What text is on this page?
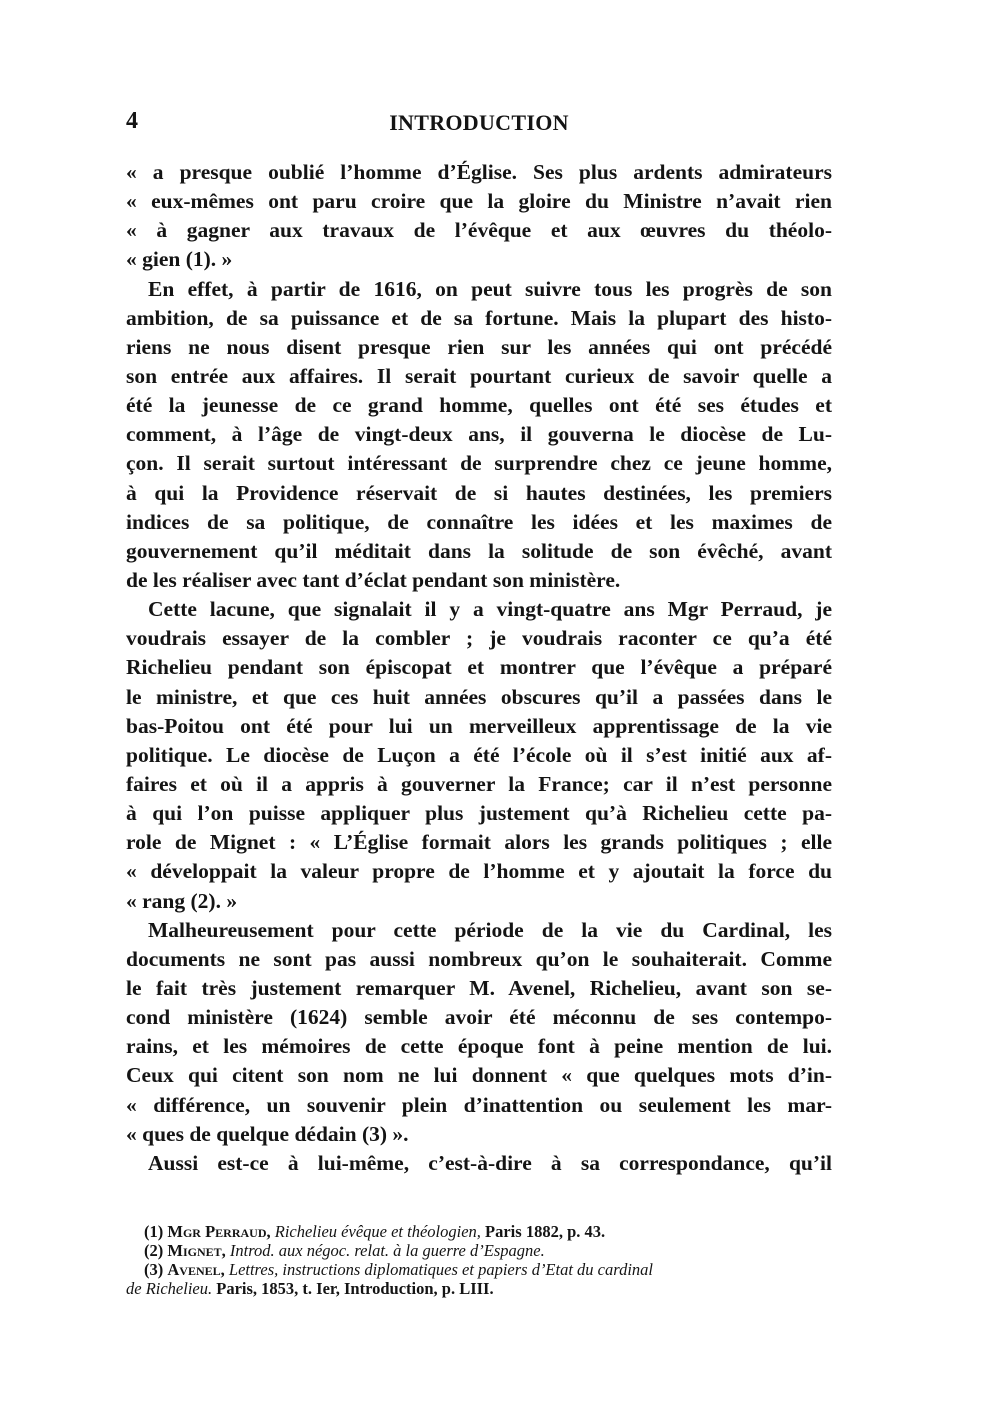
4	INTRODUCTION
« a presque oublié l’homme d’Église. Ses plus ardents admirateurs
« eux-mêmes ont paru croire que la gloire du Ministre n’avait rien
« à gagner aux travaux de l’évêque et aux œuvres du théolo-
« gien (1). »
En effet, à partir de 1616, on peut suivre tous les progrès de son
ambition, de sa puissance et de sa fortune. Mais la plupart des histo-
riens ne nous disent presque rien sur les années qui ont précédé
son entrée aux affaires. Il serait pourtant curieux de savoir quelle a
été la jeunesse de ce grand homme, quelles ont été ses études et
comment, à l’âge de vingt-deux ans, il gouverna le diocèse de Lu-
çon. Il serait surtout intéressant de surprendre chez ce jeune homme,
à qui la Providence réservait de si hautes destinées, les premiers
indices de sa politique, de connaître les idées et les maximes de
gouvernement qu’il méditait dans la solitude de son évêché, avant
de les réaliser avec tant d’éclat pendant son ministère.
Cette lacune, que signalait il y a vingt-quatre ans Mgr Perraud, je
voudrais essayer de la combler ; je voudrais raconter ce qu’a été
Richelieu pendant son épiscopat et montrer que l’évêque a préparé
le ministre, et que ces huit années obscures qu’il a passées dans le
bas-Poitou ont été pour lui un merveilleux apprentissage de la vie
politique. Le diocèse de Luçon a été l’école où il s’est initié aux af-
faires et où il a appris à gouverner la France; car il n’est personne
à qui l’on puisse appliquer plus justement qu’à Richelieu cette pa-
role de Mignet : « L’Église formait alors les grands politiques ; elle
« développait la valeur propre de l’homme et y ajoutait la force du
« rang (2). »
Malheureusement pour cette période de la vie du Cardinal, les
documents ne sont pas aussi nombreux qu’on le souhaiterait. Comme
le fait très justement remarquer M. Avenel, Richelieu, avant son se-
cond ministère (1624) semble avoir été méconnu de ses contempo-
rains, et les mémoires de cette époque font à peine mention de lui.
Ceux qui citent son nom ne lui donnent « que quelques mots d’in-
« différence, un souvenir plein d’inattention ou seulement les mar-
« ques de quelque dédain (3) ».
Aussi est-ce à lui-même, c’est-à-dire à sa correspondance, qu’il
(1) Mgr Perraud, Richelieu évêque et théologien, Paris 1882, p. 43.
(2) Mignet, Introd. aux négoc. relat. à la guerre d’Espagne.
(3) Avenel, Lettres, instructions diplomatiques et papiers d’Etat du cardinal
de Richelieu. Paris, 1853, t. Ier, Introduction, p. LIII.
